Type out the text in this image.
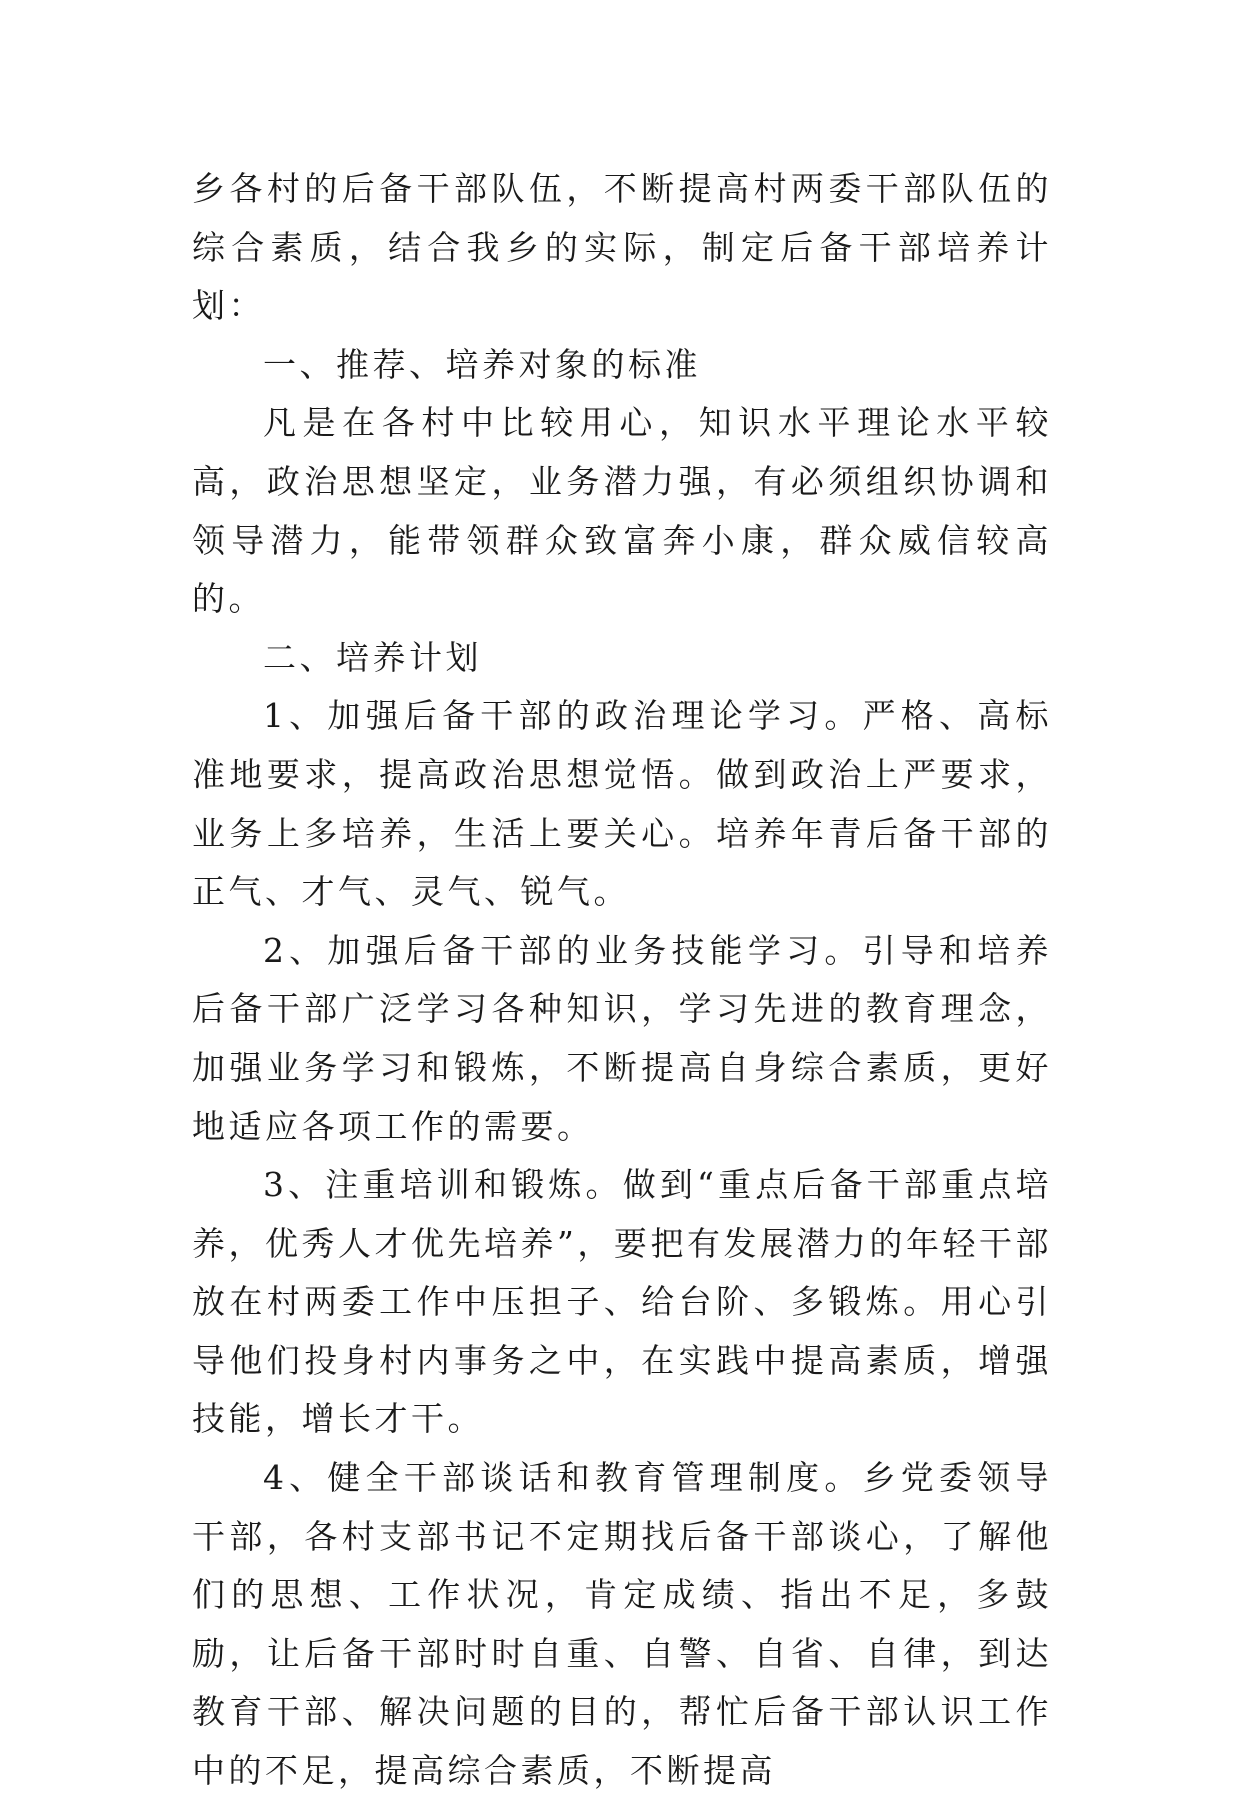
乡各村的后备干部队伍，不断提高村两委干部队伍的综合素质，结合我乡的实际，制定后备干部培养计划：

一、推荐、培养对象的标准

凡是在各村中比较用心，知识水平理论水平较高，政治思想坚定，业务潜力强，有必须组织协调和领导潜力，能带领群众致富奔小康，群众威信较高的。

二、培养计划

1、加强后备干部的政治理论学习。严格、高标准地要求，提高政治思想觉悟。做到政治上严要求，业务上多培养，生活上要关心。培养年青后备干部的正气、才气、灵气、锐气。

2、加强后备干部的业务技能学习。引导和培养后备干部广泛学习各种知识，学习先进的教育理念，加强业务学习和锻炼，不断提高自身综合素质，更好地适应各项工作的需要。

3、注重培训和锻炼。做到“重点后备干部重点培养，优秀人才优先培养”，要把有发展潜力的年轻干部放在村两委工作中压担子、给台阶、多锻炼。用心引导他们投身村内事务之中，在实践中提高素质，增强技能，增长才干。

4、健全干部谈话和教育管理制度。乡党委领导干部，各村支部书记不定期找后备干部谈心，了解他们的思想、工作状况，肯定成绩、指出不足，多鼓励，让后备干部时时自重、自警、自省、自律，到达教育干部、解决问题的目的，帮忙后备干部认识工作中的不足，提高综合素质，不断提高
